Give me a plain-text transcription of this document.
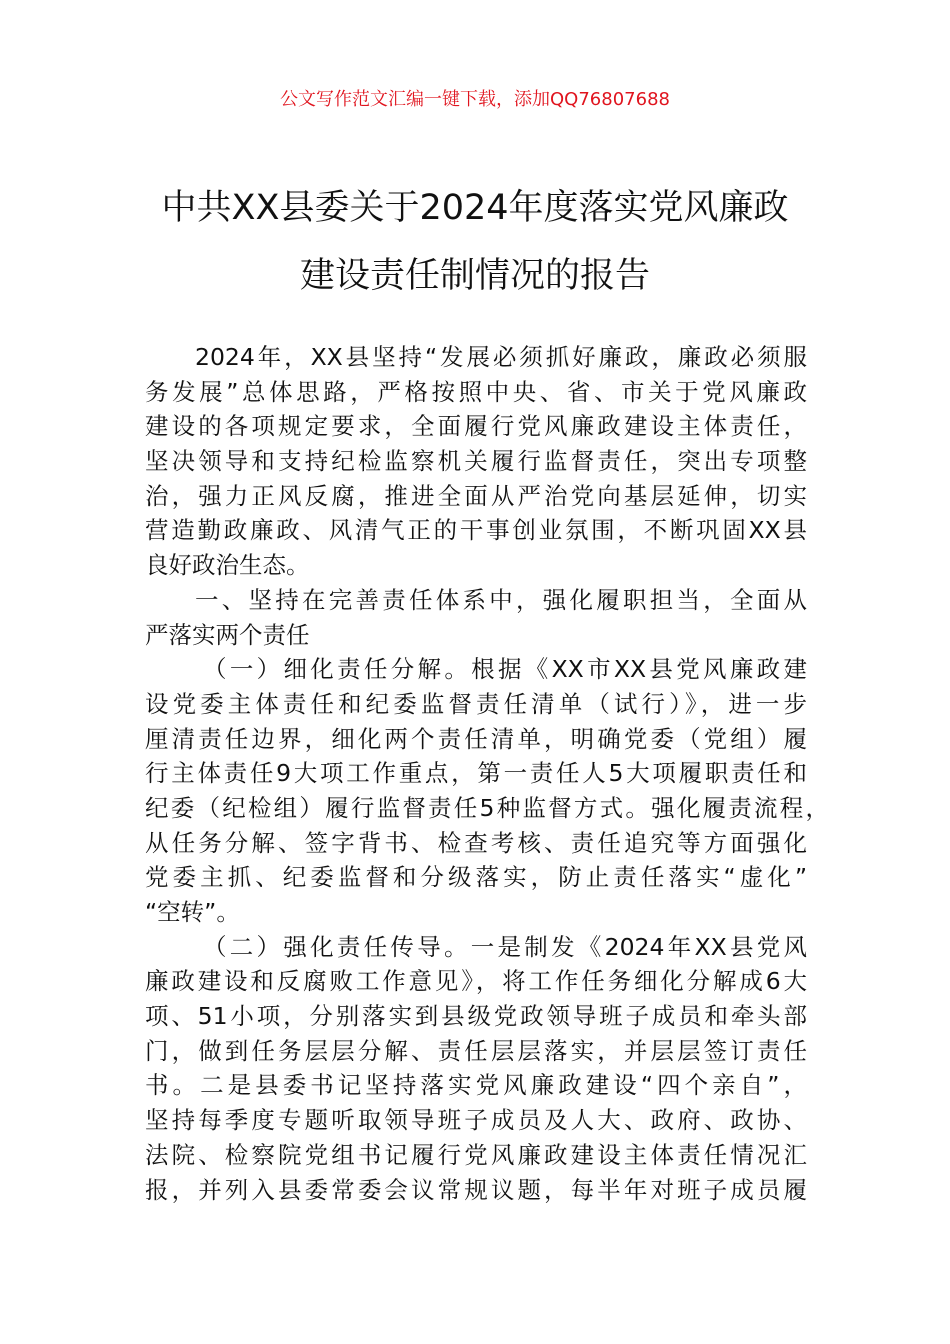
公文写作范文汇编一键下载，添加QQ76807688
中共XX县委关于2024年度落实党风廉政
建设责任制情况的报告
2024年，XX县坚持“发展必须抓好廉政，廉政必须服
务发展”总体思路，严格按照中央、省、市关于党风廉政
建设的各项规定要求，全面履行党风廉政建设主体责任，
坚决领导和支持纪检监察机关履行监督责任，突出专项整
治，强力正风反腐，推进全面从严治党向基层延伸，切实
营造勤政廉政、风清气正的干事创业氛围，不断巩固XX县
良好政治生态。
一、坚持在完善责任体系中，强化履职担当，全面从
严落实两个责任
（一）细化责任分解。根据《XX市XX县党风廉政建
设党委主体责任和纪委监督责任清单（试行）》，进一步
厘清责任边界，细化两个责任清单，明确党委（党组）履
行主体责任9大项工作重点，第一责任人5大项履职责任和
纪委（纪检组）履行监督责任5种监督方式。强化履责流程，
从任务分解、签字背书、检查考核、责任追究等方面强化
党委主抓、纪委监督和分级落实，防止责任落实“虚化”
“空转”。
（二）强化责任传导。一是制发《2024年XX县党风
廉政建设和反腐败工作意见》，将工作任务细化分解成6大
项、51小项，分别落实到县级党政领导班子成员和牵头部
门，做到任务层层分解、责任层层落实，并层层签订责任
书。二是县委书记坚持落实党风廉政建设“四个亲自”，
坚持每季度专题听取领导班子成员及人大、政府、政协、
法院、检察院党组书记履行党风廉政建设主体责任情况汇
报，并列入县委常委会议常规议题，每半年对班子成员履
